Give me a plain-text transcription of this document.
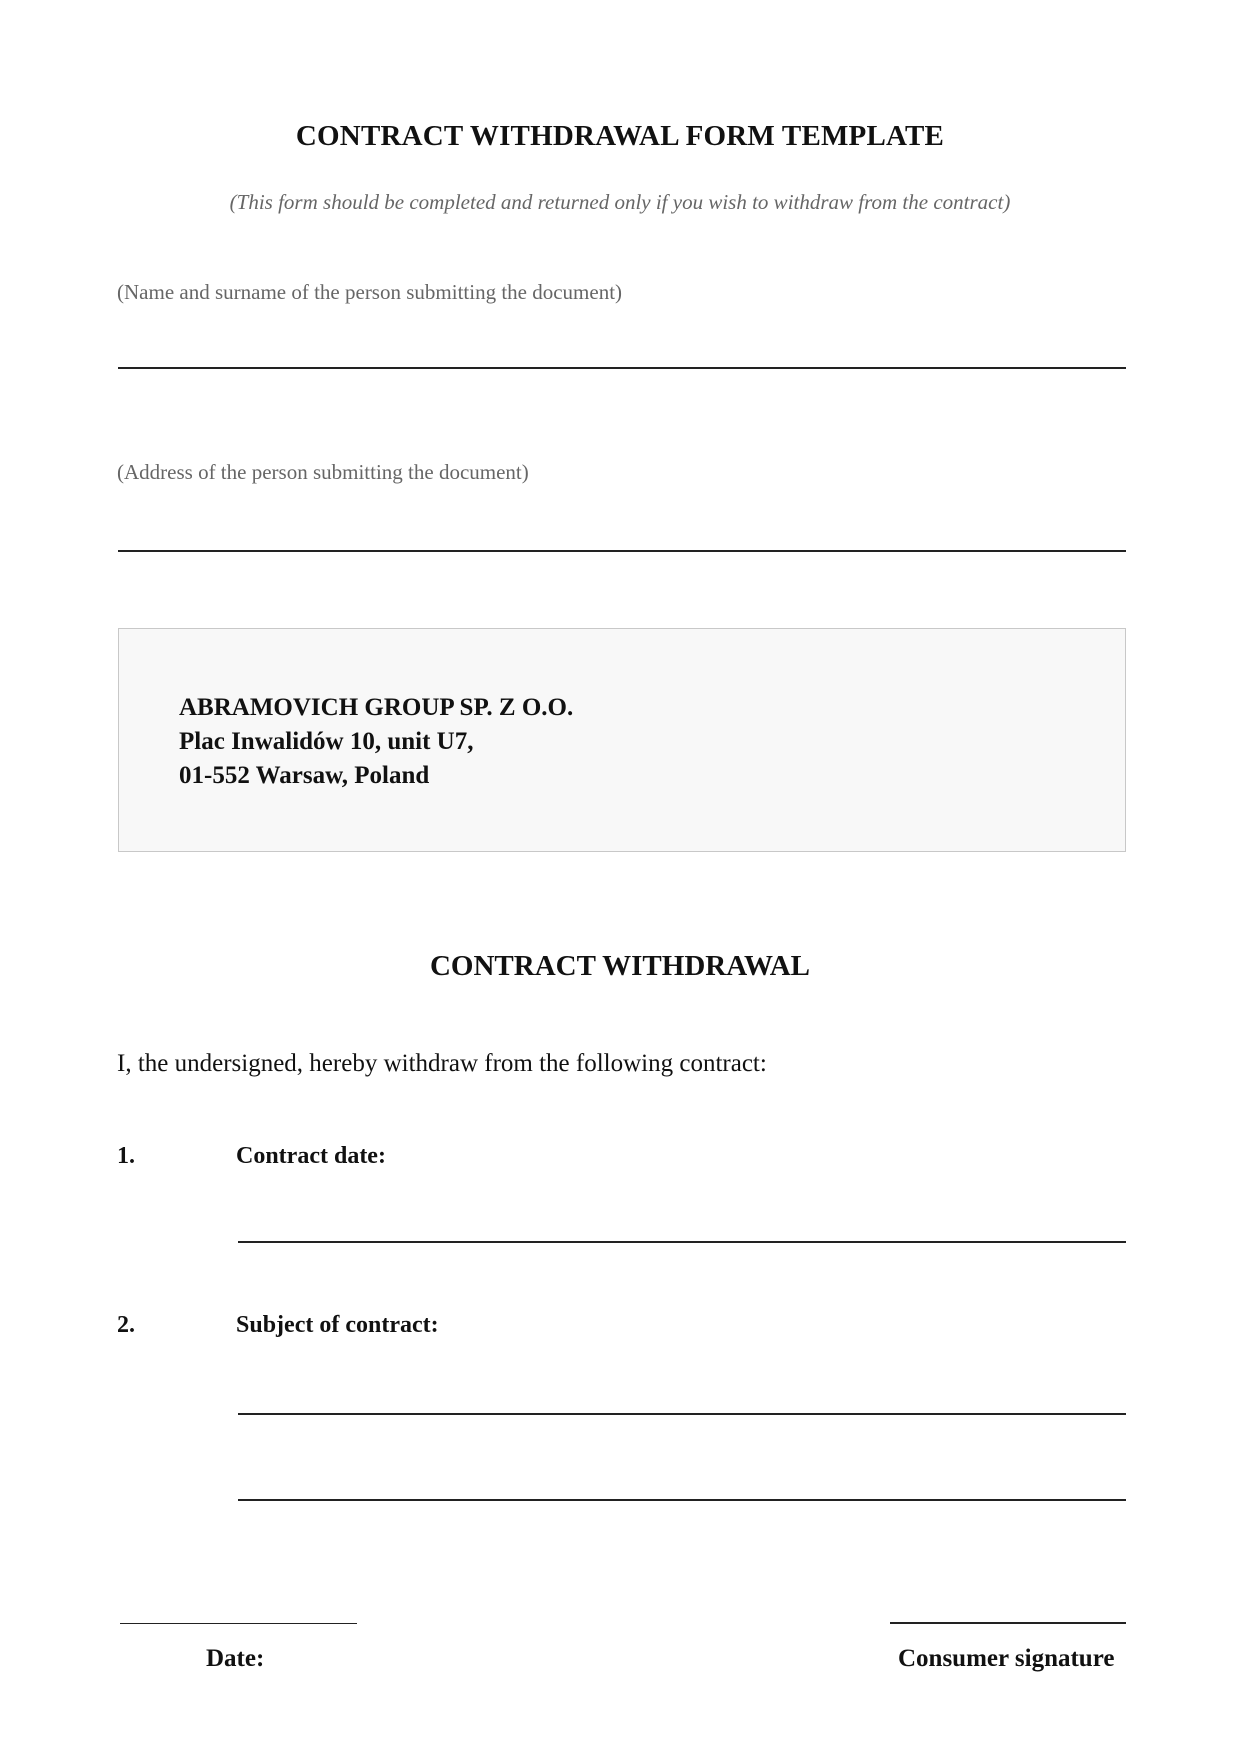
CONTRACT WITHDRAWAL FORM TEMPLATE
(This form should be completed and returned only if you wish to withdraw from the contract)
(Name and surname of the person submitting the document)
(Address of the person submitting the document)
ABRAMOVICH GROUP SP. Z O.O.
Plac Inwalidów 10, unit U7,
01-552 Warsaw, Poland
CONTRACT WITHDRAWAL
I, the undersigned, hereby withdraw from the following contract:
1.	Contract date:
2.	Subject of contract:
Date:	Consumer signature
